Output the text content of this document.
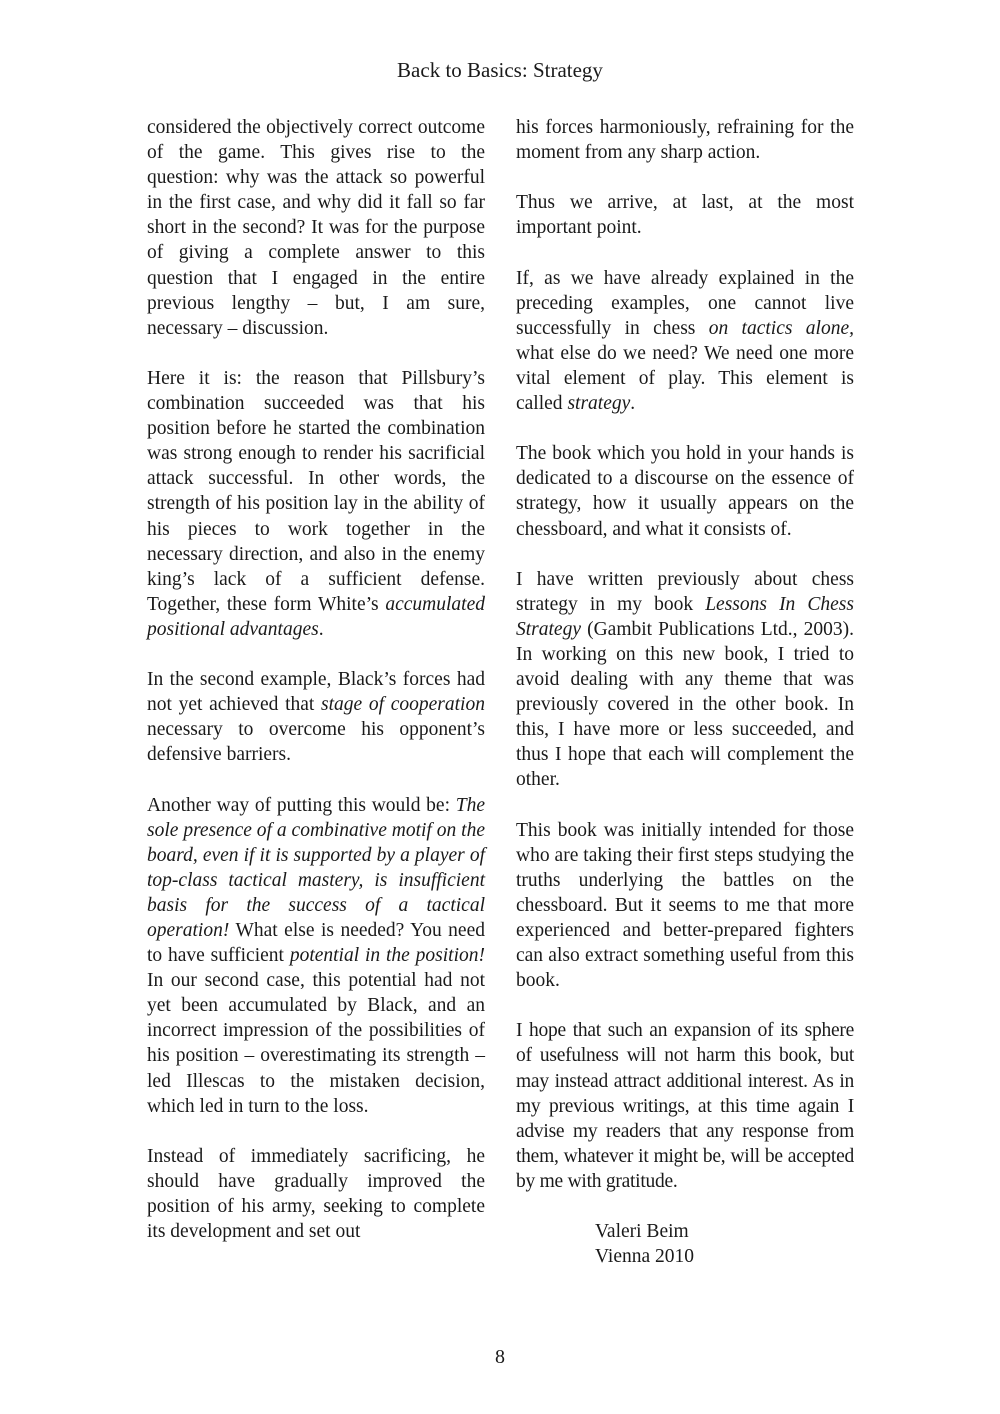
Back to Basics: Strategy

considered the objectively correct outcome of the game. This gives rise to the question: why was the attack so powerful in the first case, and why did it fall so far short in the second? It was for the purpose of giving a complete answer to this question that I engaged in the entire previous lengthy – but, I am sure, necessary – discussion.

Here it is: the reason that Pillsbury’s combination succeeded was that his position before he started the combination was strong enough to render his sacrificial attack successful. In other words, the strength of his position lay in the ability of his pieces to work together in the necessary direction, and also in the enemy king’s lack of a sufficient defense. Together, these form White’s accumulated positional advantages.

In the second example, Black’s forces had not yet achieved that stage of cooperation necessary to overcome his opponent’s defensive barriers.

Another way of putting this would be: The sole presence of a combinative motif on the board, even if it is supported by a player of top-class tactical mastery, is insufficient basis for the success of a tactical operation! What else is needed? You need to have sufficient potential in the position! In our second case, this potential had not yet been accumulated by Black, and an incorrect impression of the possibilities of his position – overestimating its strength – led Illescas to the mistaken decision, which led in turn to the loss.

Instead of immediately sacrificing, he should have gradually improved the position of his army, seeking to complete its development and set out

his forces harmoniously, refraining for the moment from any sharp action.

Thus we arrive, at last, at the most important point.

If, as we have already explained in the preceding examples, one cannot live successfully in chess on tactics alone, what else do we need? We need one more vital element of play. This element is called strategy.

The book which you hold in your hands is dedicated to a discourse on the essence of strategy, how it usually appears on the chessboard, and what it consists of.

I have written previously about chess strategy in my book Lessons In Chess Strategy (Gambit Publications Ltd., 2003). In working on this new book, I tried to avoid dealing with any theme that was previously covered in the other book. In this, I have more or less succeeded, and thus I hope that each will complement the other.

This book was initially intended for those who are taking their first steps studying the truths underlying the battles on the chessboard. But it seems to me that more experienced and better-prepared fighters can also extract something useful from this book.

I hope that such an expansion of its sphere of usefulness will not harm this book, but may instead attract additional interest. As in my previous writings, at this time again I advise my readers that any response from them, whatever it might be, will be accepted by me with gratitude.

Valeri Beim
Vienna 2010
8
